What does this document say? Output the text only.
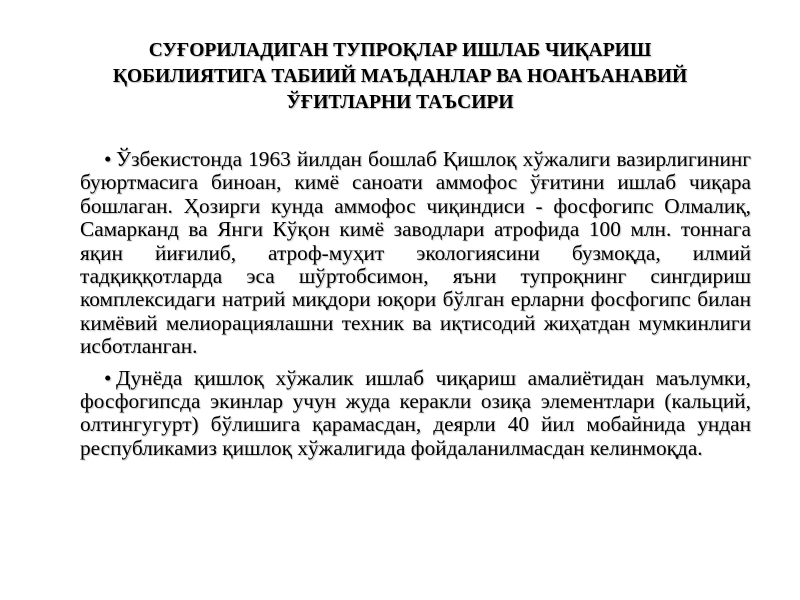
СУҒОРИЛАДИГАН ТУПРОҚЛАР ИШЛАБ ЧИҚАРИШ
ҚОБИЛИЯТИГА ТАБИИЙ МАЪДАНЛАР ВА НОАНЪАНАВИЙ
ЎҒИТЛАРНИ ТАЪСИРИ
• Ўзбекистонда 1963 йилдан бошлаб Қишлоқ хўжалиги вазирлигининг буюртмасига биноан, кимё саноати аммофос ўғитини ишлаб чиқара бошлаган. Ҳозирги кунда аммофос чиқиндиси - фосфогипс Олмалиқ, Самарканд ва Янги Кўқон кимё заводлари атрофида 100 млн. тоннага яқин йиғилиб, атроф-муҳит экологиясини бузмоқда, илмий тадқиққотларда эса шўртобсимон, яъни тупроқнинг сингдириш комплексидаги натрий миқдори юқори бўлган ерларни фосфогипс билан кимёвий мелиорациялашни техник ва иқтисодий жиҳатдан мумкинлиги исботланган.
• Дунёда қишлоқ хўжалик ишлаб чиқариш амалиётидан маълумки, фосфогипсда экинлар учун жуда керакли озиқа элементлари (кальций, олтингугурт) бўлишига қарамасдан, деярли 40 йил мобайнида ундан республикамиз қишлоқ хўжалигида фойдаланилмасдан келинмоқда.
